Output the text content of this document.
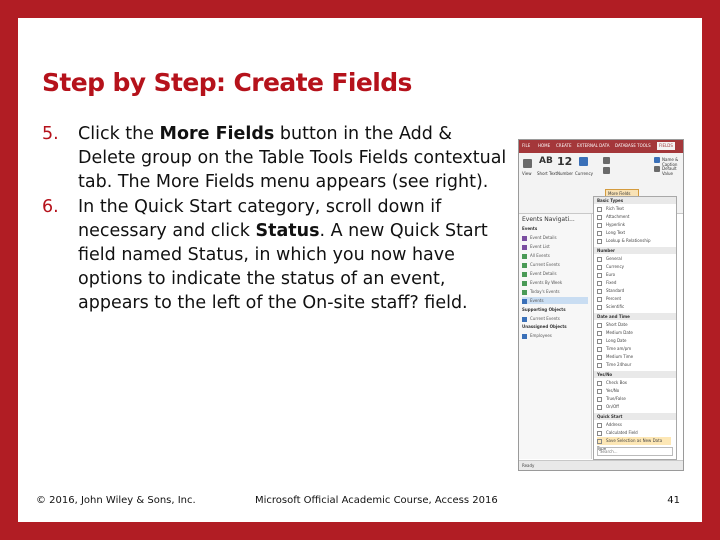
Step by Step: Create Fields
5. Click the More Fields button in the Add & Delete group on the Table Tools Fields contextual tab. The More Fields menu appears (see right).
6. In the Quick Start category, scroll down if necessary and click Status. A new Quick Start field named Status, in which you now have options to indicate the status of an event, appears to the left of the On-site staff? field.
FILE HOME CREATE EXTERNAL DATA DATABASE TOOLS	FIELDS
View
AB
Short Text
12
Number Currency
More Fields
Name & Caption
Default Value
Events Navigati...
Events
Event Details
Event List
All Events
Current Events
Event Details
Events By Week
Today's Events
Events
Supporting Objects
Current Events
Unassigned Objects
Employees
Basic Types
Rich Text
Attachment
Hyperlink
Long Text
Lookup & Relationship
Number
General
Currency
Euro
Fixed
Standard
Percent
Scientific
Date and Time
Short Date
Medium Date
Long Date
Time am/pm
Medium Time
Time 24hour
Yes/No
Check Box
Yes/No
True/False
On/Off
Quick Start
Address
Calculated Field
Save Selection as New Data Type
Search...
Ready
© 2016, John Wiley & Sons, Inc.	Microsoft Official Academic Course, Access 2016	41
